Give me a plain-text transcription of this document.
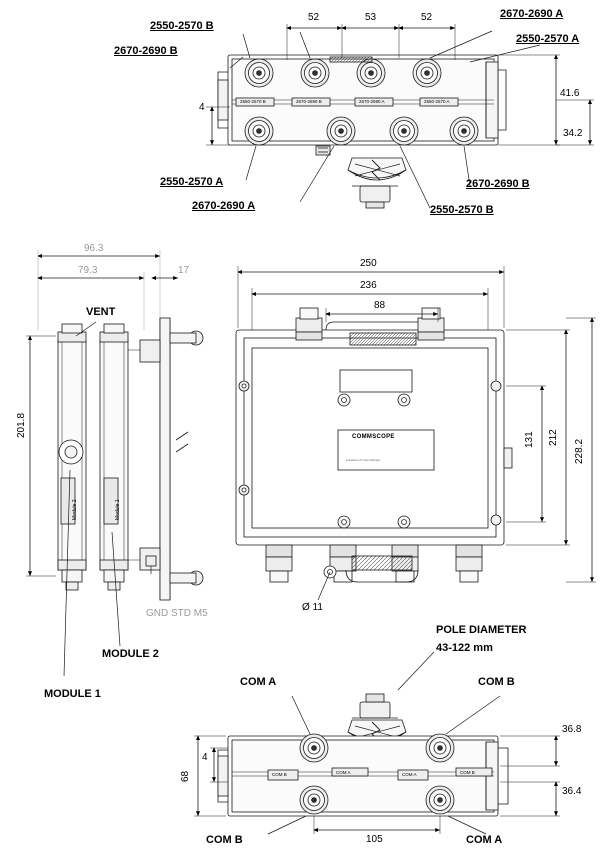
52	53	52
41.6
34.2
4
2550-2570 B
2670-2690 B
2670-2690 A
2550-2570 A
2550-2570 A
2670-2690 A	2550-2570 B
2670-2690 B
2550-2570 B	2670-2690 B	2670-2690 A	2550-2570 A
96.3
79.3	17
201.8
VENT
MODULE 2
MODULE 1
GND STD M5
Module 2	Module 1
250
236
88
131 212
228.2
Ø 11
COMMSCOPE
a division of CommScope
36.8
36.4
68
4
105
POLE DIAMETER
43-122 mm
COM A	COM B
COM B	COM A
COM B	COM A	COM A	COM B
